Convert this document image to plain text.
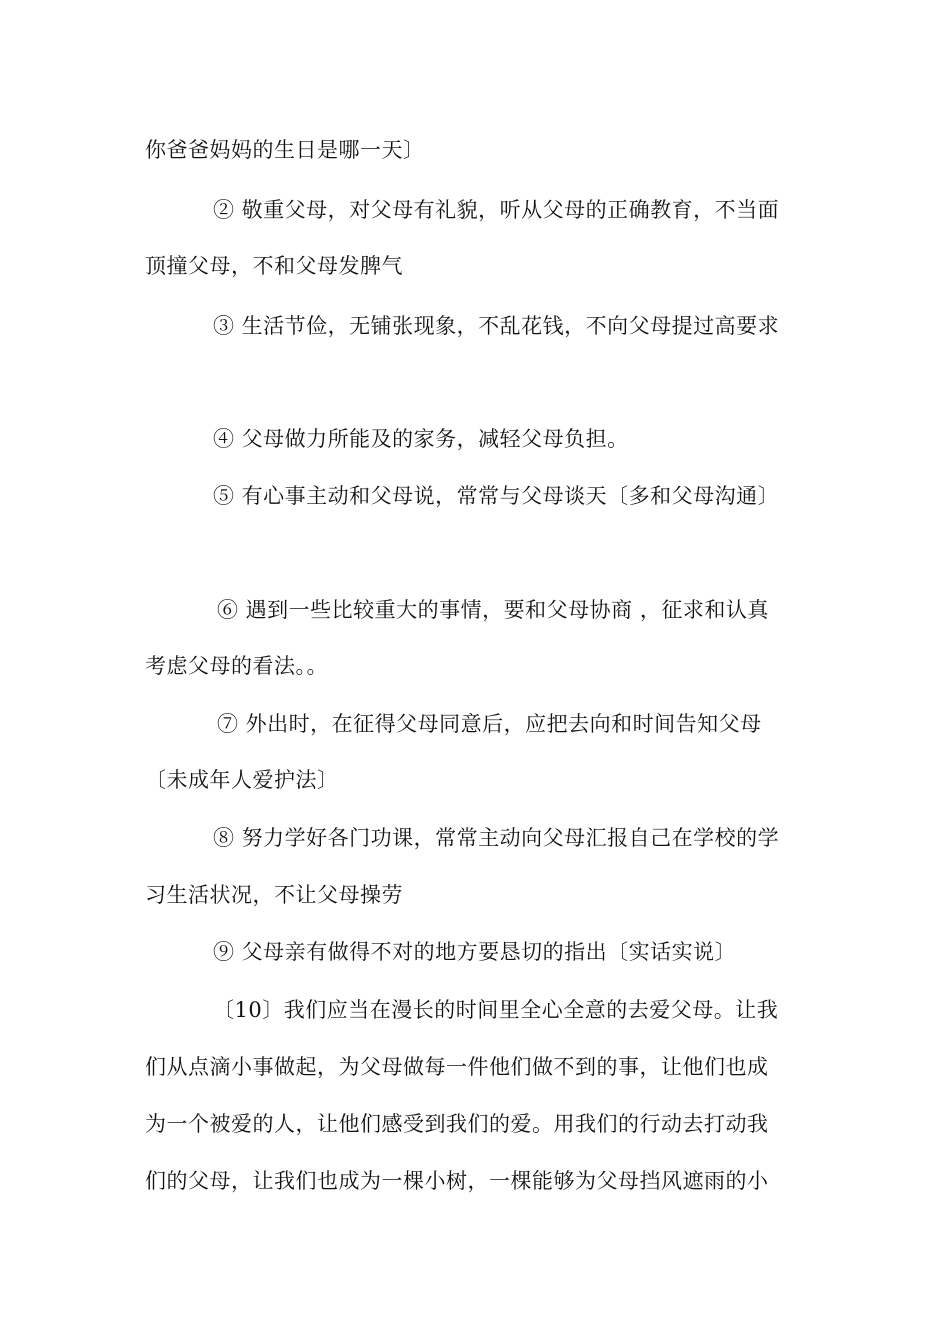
你爸爸妈妈的生日是哪一天〕
② 敬重父母，对父母有礼貌，听从父母的正确教育，不当面
顶撞父母，不和父母发脾气
③ 生活节俭，无铺张现象，不乱花钱，不向父母提过高要求
④ 父母做力所能及的家务，减轻父母负担。
⑤ 有心事主动和父母说，常常与父母谈天〔多和父母沟通〕
⑥ 遇到一些比较重大的事情，要和父母协商 ，征求和认真
考虑父母的看法。。
⑦ 外出时，在征得父母同意后，应把去向和时间告知父母
〔未成年人爱护法〕
⑧ 努力学好各门功课，常常主动向父母汇报自己在学校的学
习生活状况，不让父母操劳
⑨ 父母亲有做得不对的地方要恳切的指出〔实话实说〕
〔10〕我们应当在漫长的时间里全心全意的去爱父母。让我
们从点滴小事做起，为父母做每一件他们做不到的事，让他们也成
为一个被爱的人，让他们感受到我们的爱。用我们的行动去打动我
们的父母，让我们也成为一棵小树，一棵能够为父母挡风遮雨的小
